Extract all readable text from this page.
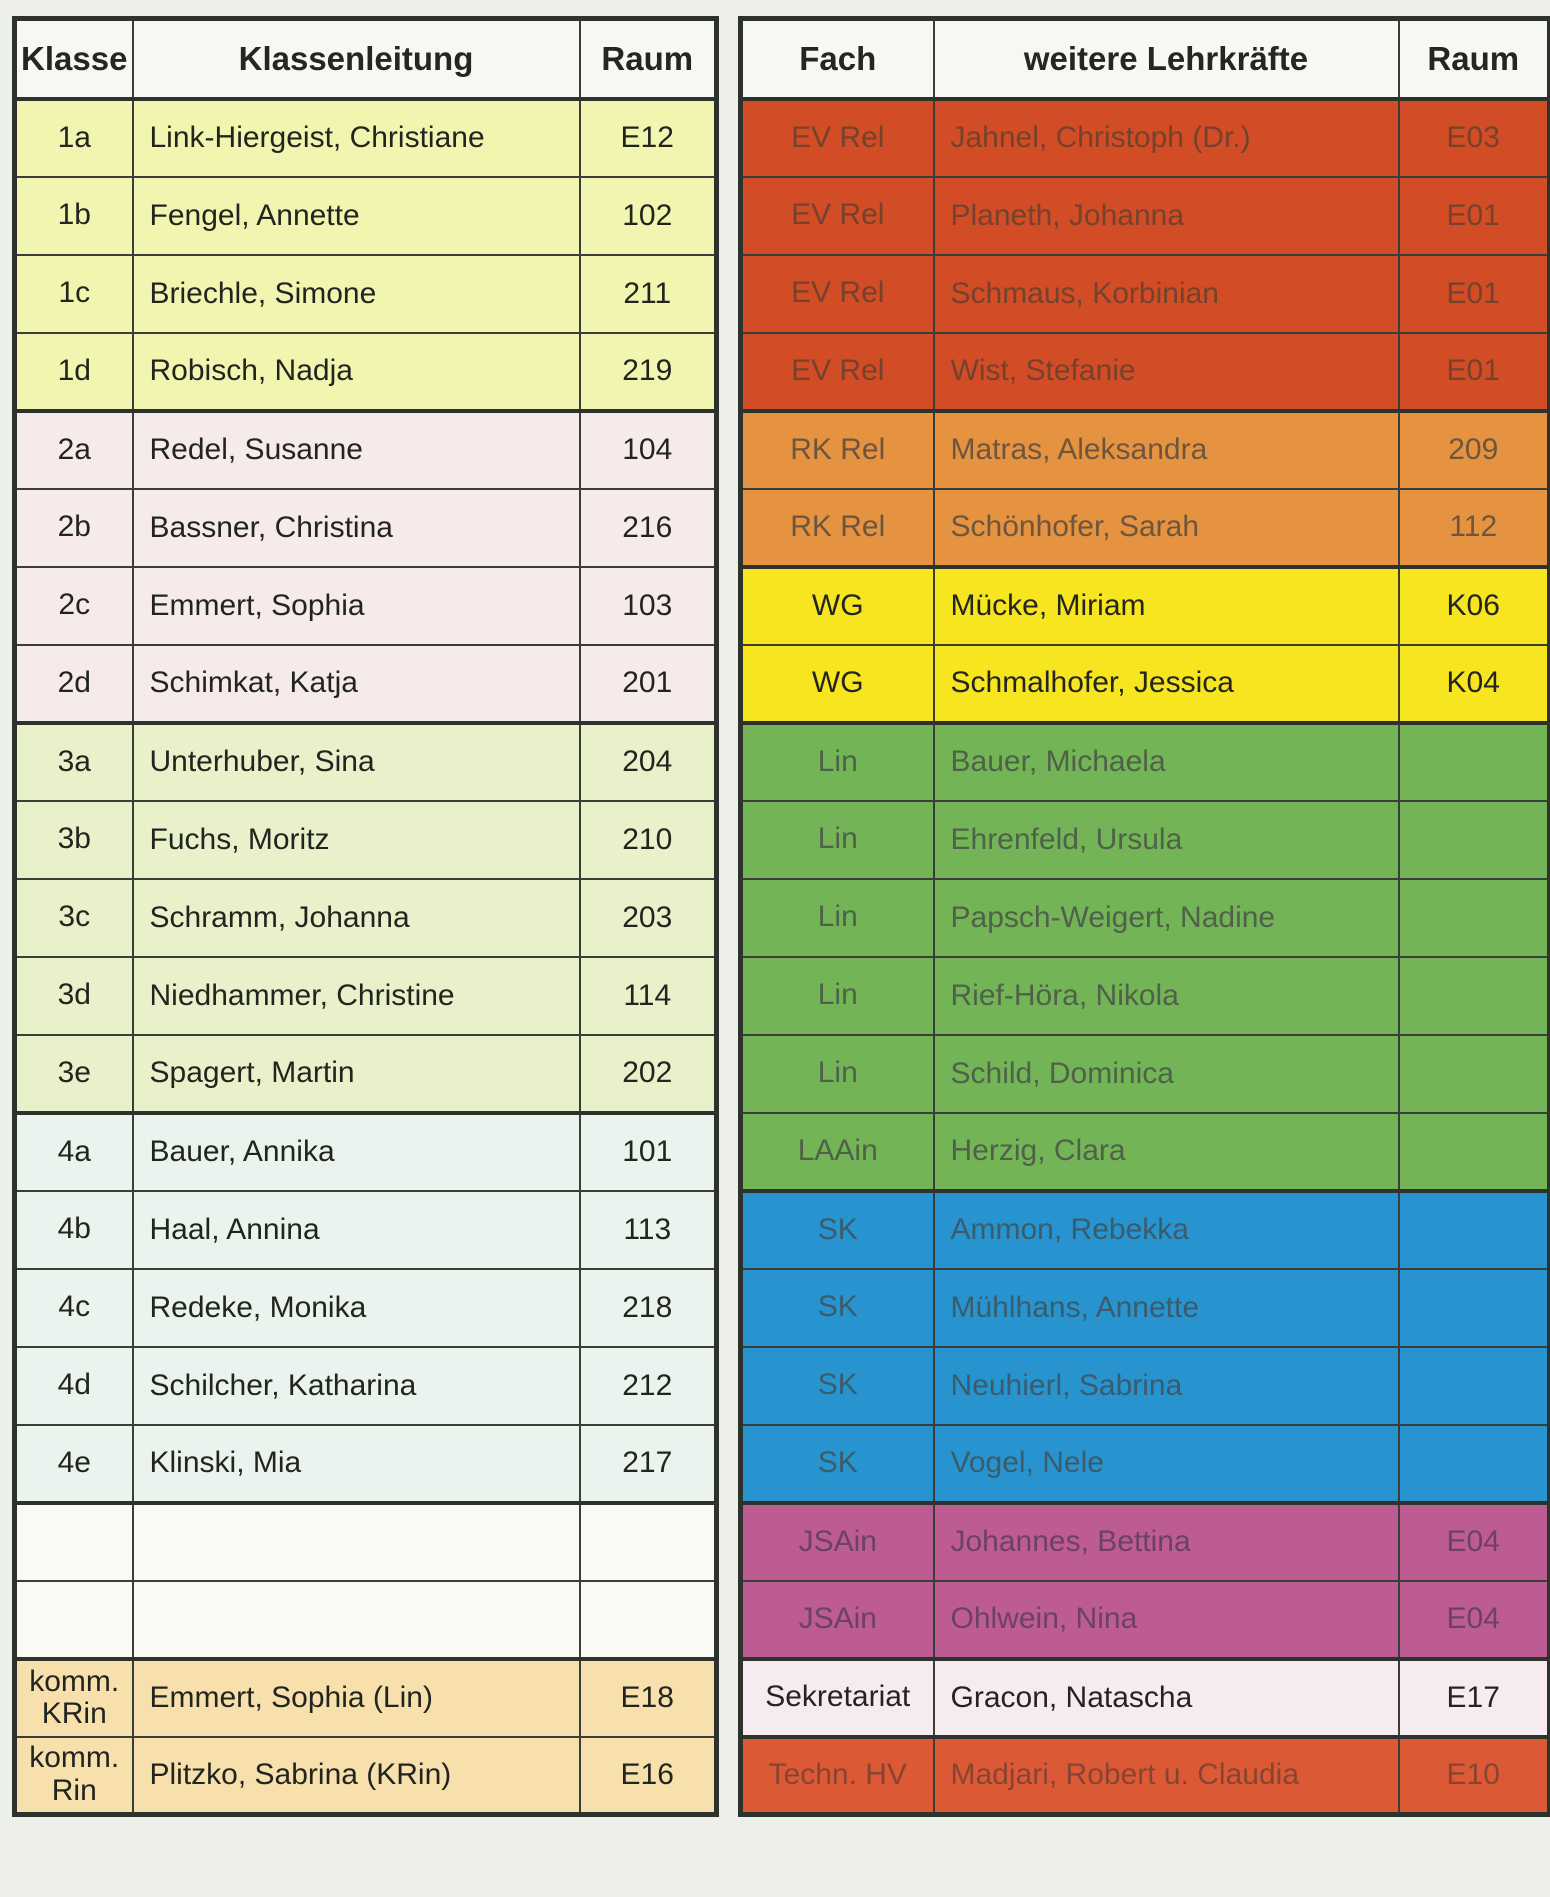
Klasse	Klassenleitung	Raum
1a	Link-Hiergeist, Christiane	E12
1b	Fengel, Annette	102
1c	Briechle, Simone	211
1d	Robisch, Nadja	219
2a	Redel, Susanne	104
2b	Bassner, Christina	216
2c	Emmert, Sophia	103
2d	Schimkat, Katja	201
3a	Unterhuber, Sina	204
3b	Fuchs, Moritz	210
3c	Schramm, Johanna	203
3d	Niedhammer, Christine	114
3e	Spagert, Martin	202
4a	Bauer, Annika	101
4b	Haal, Annina	113
4c	Redeke, Monika	218
4d	Schilcher, Katharina	212
4e	Klinski, Mia	217

komm. KRin	Emmert, Sophia (Lin)	E18
komm. Rin	Plitzko, Sabrina (KRin)	E16
Fach	weitere Lehrkräfte	Raum
EV Rel	Jahnel, Christoph (Dr.)	E03
EV Rel	Planeth, Johanna	E01
EV Rel	Schmaus, Korbinian	E01
EV Rel	Wist, Stefanie	E01
RK Rel	Matras, Aleksandra	209
RK Rel	Schönhofer, Sarah	112
WG	Mücke, Miriam	K06
WG	Schmalhofer, Jessica	K04
Lin	Bauer, Michaela	
Lin	Ehrenfeld, Ursula	
Lin	Papsch-Weigert, Nadine	
Lin	Rief-Höra, Nikola	
Lin	Schild, Dominica	
LAAin	Herzig, Clara	
SK	Ammon, Rebekka	
SK	Mühlhans, Annette	
SK	Neuhierl, Sabrina	
SK	Vogel, Nele	
JSAin	Johannes, Bettina	E04
JSAin	Ohlwein, Nina	E04
Sekretariat	Gracon, Natascha	E17
Techn. HV	Madjari, Robert u. Claudia	E10
